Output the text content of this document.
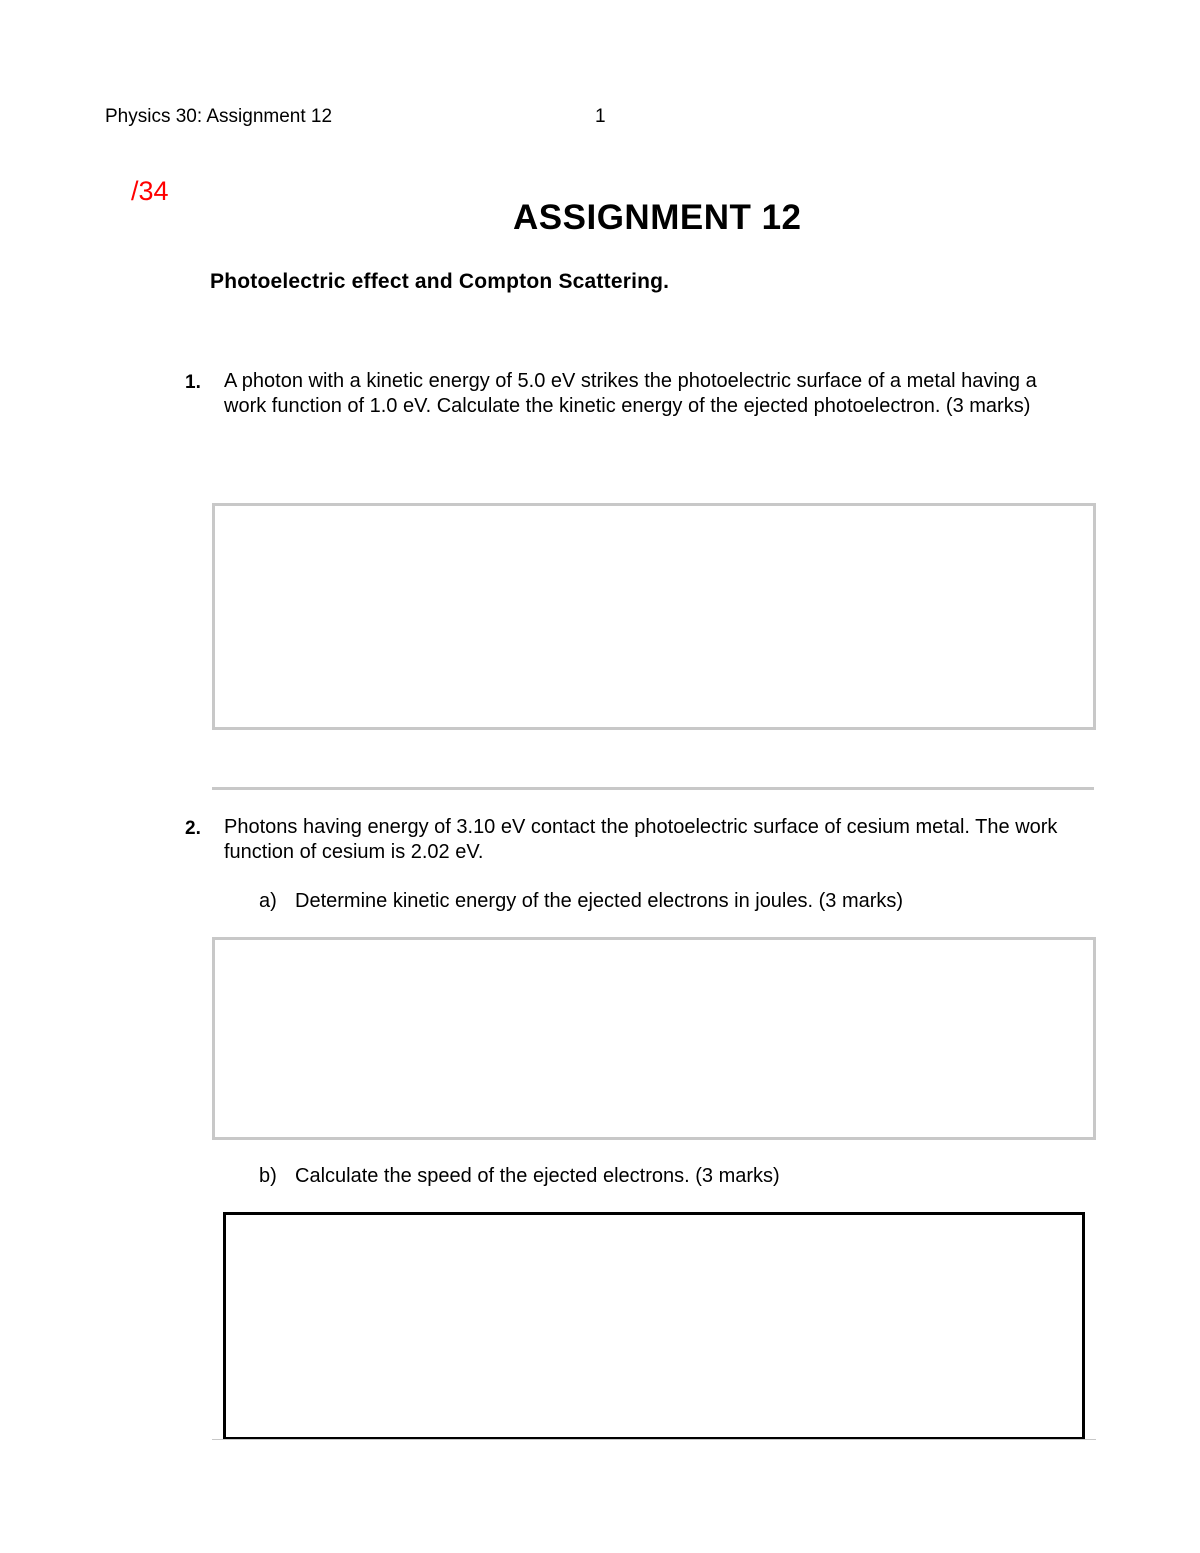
Physics 30: Assignment 12	1
/34
ASSIGNMENT 12
Photoelectric effect and Compton Scattering.
1. A photon with a kinetic energy of 5.0 eV strikes the photoelectric surface of a metal having a work function of 1.0 eV. Calculate the kinetic energy of the ejected photoelectron. (3 marks)
2. Photons having energy of 3.10 eV contact the photoelectric surface of cesium metal. The work function of cesium is 2.02 eV.
a) Determine kinetic energy of the ejected electrons in joules. (3 marks)
b) Calculate the speed of the ejected electrons. (3 marks)
